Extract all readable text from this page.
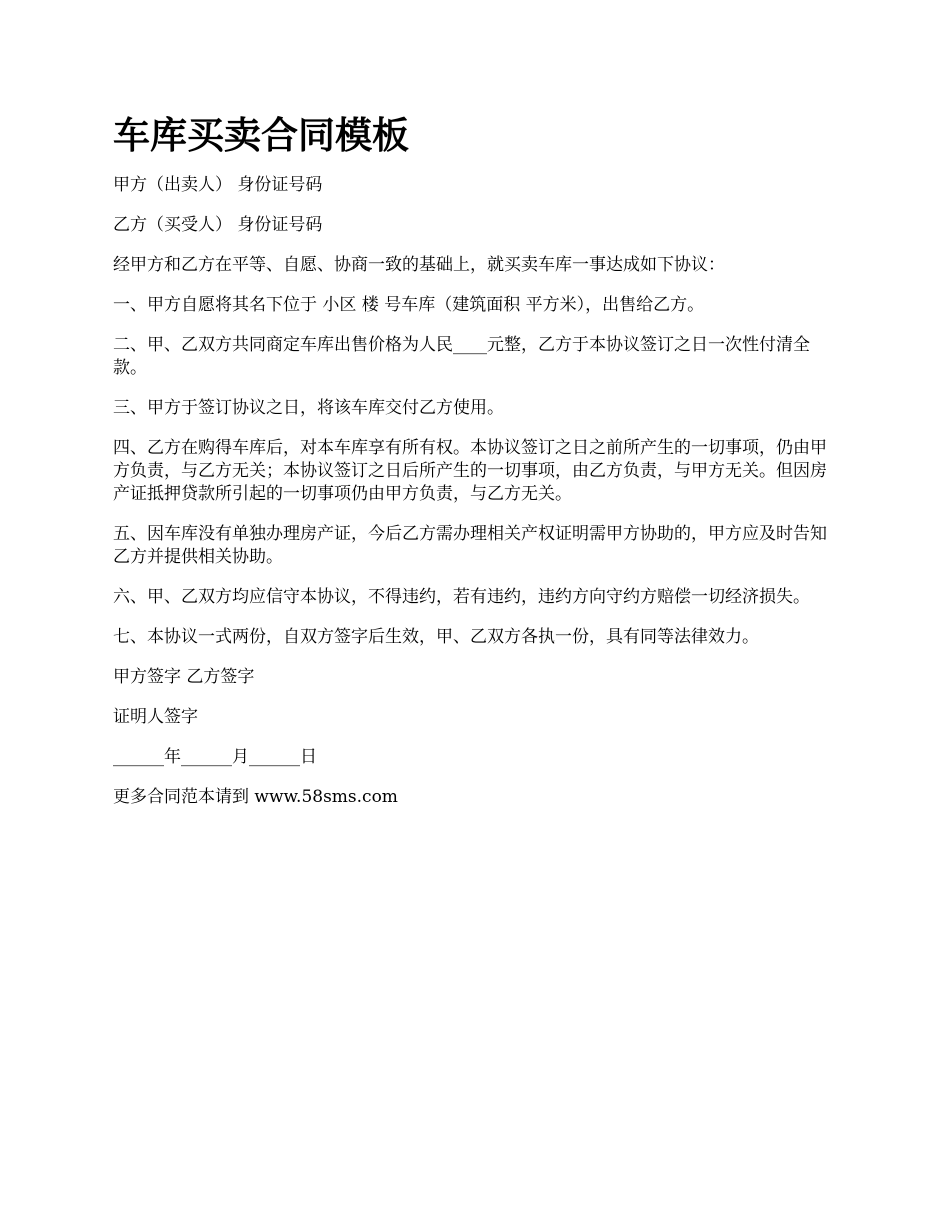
车库买卖合同模板

甲方（出卖人） 身份证号码

乙方（买受人） 身份证号码

经甲方和乙方在平等、自愿、协商一致的基础上，就买卖车库一事达成如下协议：

一、甲方自愿将其名下位于 小区 楼 号车库（建筑面积 平方米），出售给乙方。

二、甲、乙双方共同商定车库出售价格为人民____元整，乙方于本协议签订之日一次性付清全款。

三、甲方于签订协议之日，将该车库交付乙方使用。

四、乙方在购得车库后，对本车库享有所有权。本协议签订之日之前所产生的一切事项，仍由甲方负责，与乙方无关；本协议签订之日后所产生的一切事项，由乙方负责，与甲方无关。但因房产证抵押贷款所引起的一切事项仍由甲方负责，与乙方无关。

五、因车库没有单独办理房产证，今后乙方需办理相关产权证明需甲方协助的，甲方应及时告知乙方并提供相关协助。

六、甲、乙双方均应信守本协议，不得违约，若有违约，违约方向守约方赔偿一切经济损失。

七、本协议一式两份，自双方签字后生效，甲、乙双方各执一份，具有同等法律效力。

甲方签字 乙方签字

证明人签字

______年______月______日

更多合同范本请到 www.58sms.com
